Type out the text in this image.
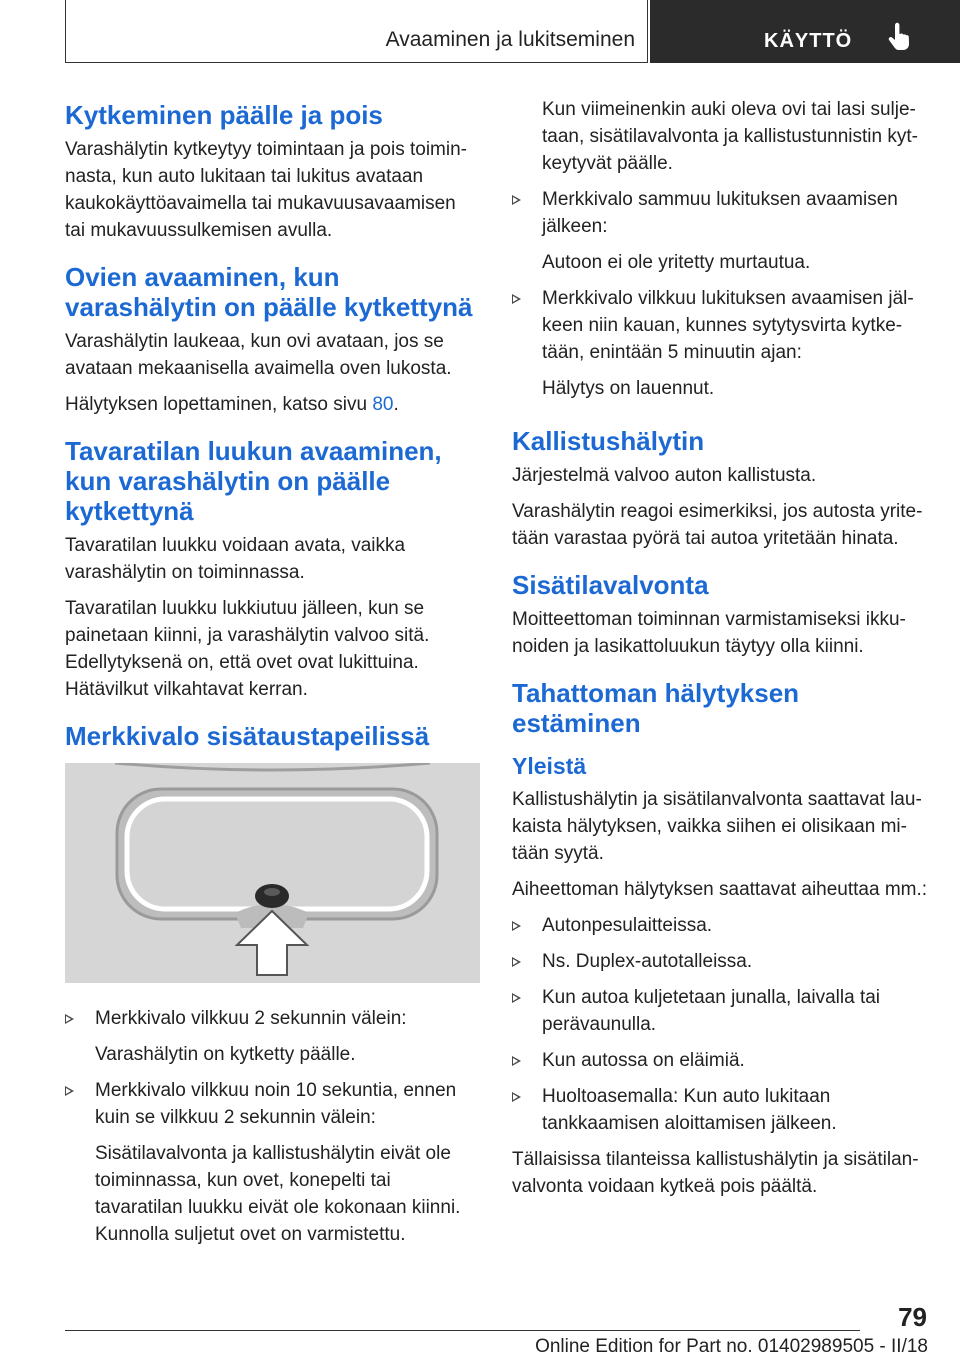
Avaaminen ja lukitseminen	KÄYTTÖ
Kytkeminen päälle ja pois

Varashälytin kytkeytyy toimintaan ja pois toiminnasta, kun auto lukitaan tai lukitus avataan kaukokäyttöavaimella tai mukavuusavaamisen tai mukavuussulkemisen avulla.

Ovien avaaminen, kun varashälytin on päälle kytkettynä

Varashälytin laukeaa, kun ovi avataan, jos se avataan mekaanisella avaimella oven lukosta.

Hälytyksen lopettaminen, katso sivu 80.

Tavaratilan luukun avaaminen, kun varashälytin on päälle kytkettynä

Tavaratilan luukku voidaan avata, vaikka varashälytin on toiminnassa.

Tavaratilan luukku lukkiutuu jälleen, kun se painetaan kiinni, ja varashälytin valvoo sitä. Edellytyksenä on, että ovet ovat lukittuina. Hätävilkut vilkahtavat kerran.

Merkkivalo sisätaustapeilissä
Merkkivalo vilkkuu 2 sekunnin välein:

Varashälytin on kytketty päälle.

Merkkivalo vilkkuu noin 10 sekuntia, ennen kuin se vilkkuu 2 sekunnin välein:

Sisätilavalvonta ja kallistushälytin eivät ole toiminnassa, kun ovet, konepelti tai tavaratilan luukku eivät ole kokonaan kiinni. Kunnolla suljetut ovet on varmistettu.

Kun viimeinenkin auki oleva ovi tai lasi suljetaan, sisätilavalvonta ja kallistustunnistin kytkeytyvät päälle.

Merkkivalo sammuu lukituksen avaamisen jälkeen:

Autoon ei ole yritetty murtautua.

Merkkivalo vilkkuu lukituksen avaamisen jälkeen niin kauan, kunnes sytytysvirta kytketään, enintään 5 minuutin ajan:

Hälytys on lauennut.

Kallistushälytin

Järjestelmä valvoo auton kallistusta.

Varashälytin reagoi esimerkiksi, jos autosta yritetään varastaa pyörä tai autoa yritetään hinata.

Sisätilavalvonta

Moitteettoman toiminnan varmistamiseksi ikkunoiden ja lasikattoluukun täytyy olla kiinni.

Tahattoman hälytyksen estäminen
Yleistä

Kallistushälytin ja sisätilanvalvonta saattavat laukaista hälytyksen, vaikka siihen ei olisikaan mitään syytä.

Aiheettoman hälytyksen saattavat aiheuttaa mm.:

Autonpesulaitteissa.
Ns. Duplex-autotalleissa.
Kun autoa kuljetetaan junalla, laivalla tai perävaunulla.
Kun autossa on eläimiä.
Huoltoasemalla: Kun auto lukitaan tankkaamisen aloittamisen jälkeen.

Tällaisissa tilanteissa kallistushälytin ja sisätilanvalvonta voidaan kytkeä pois päältä.

79
Online Edition for Part no. 01402989505 - II/18
